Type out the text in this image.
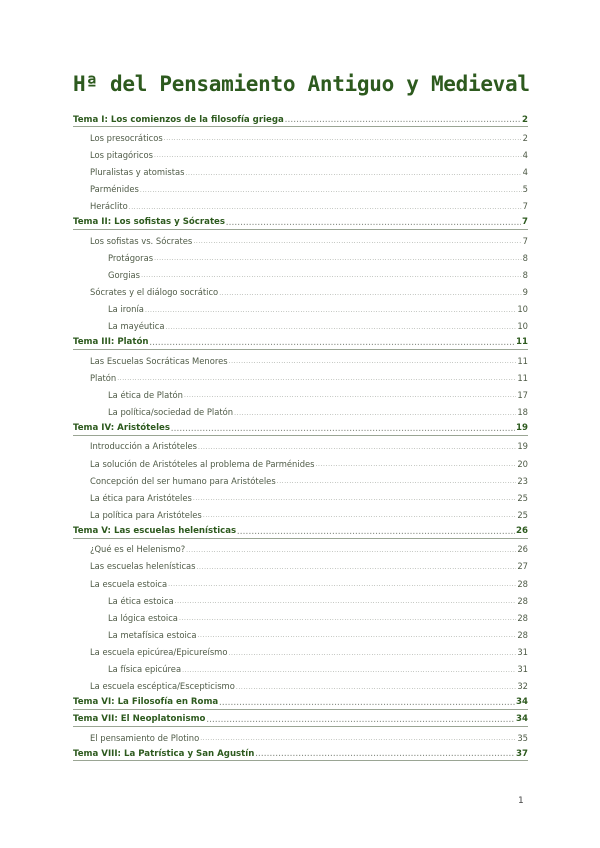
Hª del Pensamiento Antiguo y Medieval
Tema I: Los comienzos de la filosofía griega .....	2
Los presocráticos .....	2
Los pitagóricos .....	4
Pluralistas y atomistas .....	4
Parménides .....	5
Heráclito .....	7
Tema II: Los sofistas y Sócrates .....	7
Los sofistas vs. Sócrates .....	7
Protágoras .....	8
Gorgias .....	8
Sócrates y el diálogo socrático .....	9
La ironía .....	10
La mayéutica .....	10
Tema III: Platón .....	11
Las Escuelas Socráticas Menores .....	11
Platón .....	11
La ética de Platón .....	17
La política/sociedad de Platón .....	18
Tema IV: Aristóteles .....	19
Introducción a Aristóteles .....	19
La solución de Aristóteles al problema de Parménides .....	20
Concepción del ser humano para Aristóteles .....	23
La ética para Aristóteles .....	25
La política para Aristóteles .....	25
Tema V: Las escuelas helenísticas .....	26
¿Qué es el Helenismo? .....	26
Las escuelas helenísticas .....	27
La escuela estoica .....	28
La ética estoica .....	28
La lógica estoica .....	28
La metafísica estoica .....	28
La escuela epicúrea/Epicureísmo .....	31
La física epicúrea .....	31
La escuela escéptica/Escepticismo .....	32
Tema VI: La Filosofía en Roma .....	34
Tema VII: El Neoplatonismo .....	34
El pensamiento de Plotino .....	35
Tema VIII: La Patrística y San Agustín .....	37
1
